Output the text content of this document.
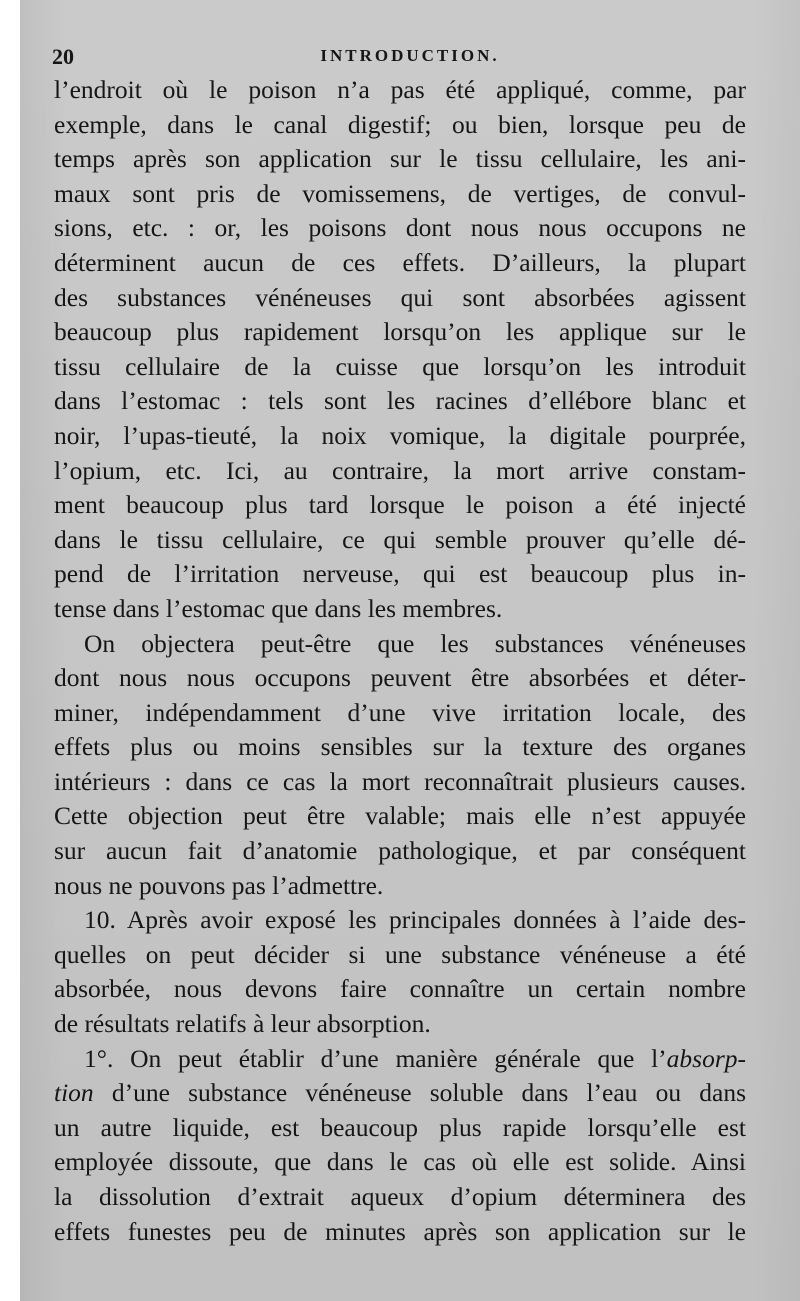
20	INTRODUCTION.
l’endroit où le poison n’a pas été appliqué, comme, par
exemple, dans le canal digestif; ou bien, lorsque peu de
temps après son application sur le tissu cellulaire, les ani-
maux sont pris de vomissemens, de vertiges, de convul-
sions, etc. : or, les poisons dont nous nous occupons ne
déterminent aucun de ces effets. D’ailleurs, la plupart
des substances vénéneuses qui sont absorbées agissent
beaucoup plus rapidement lorsqu’on les applique sur le
tissu cellulaire de la cuisse que lorsqu’on les introduit
dans l’estomac : tels sont les racines d’ellébore blanc et
noir, l’upas-tieuté, la noix vomique, la digitale pourprée,
l’opium, etc. Ici, au contraire, la mort arrive constam-
ment beaucoup plus tard lorsque le poison a été injecté
dans le tissu cellulaire, ce qui semble prouver qu’elle dé-
pend de l’irritation nerveuse, qui est beaucoup plus in-
tense dans l’estomac que dans les membres.
On objectera peut-être que les substances vénéneuses
dont nous nous occupons peuvent être absorbées et déter-
miner, indépendamment d’une vive irritation locale, des
effets plus ou moins sensibles sur la texture des organes
intérieurs : dans ce cas la mort reconnaîtrait plusieurs causes.
Cette objection peut être valable; mais elle n’est appuyée
sur aucun fait d’anatomie pathologique, et par conséquent
nous ne pouvons pas l’admettre.
10. Après avoir exposé les principales données à l’aide des-
quelles on peut décider si une substance vénéneuse a été
absorbée, nous devons faire connaître un certain nombre
de résultats relatifs à leur absorption.
1°. On peut établir d’une manière générale que l’absorp-
tion d’une substance vénéneuse soluble dans l’eau ou dans
un autre liquide, est beaucoup plus rapide lorsqu’elle est
employée dissoute, que dans le cas où elle est solide. Ainsi
la dissolution d’extrait aqueux d’opium déterminera des
effets funestes peu de minutes après son application sur le
